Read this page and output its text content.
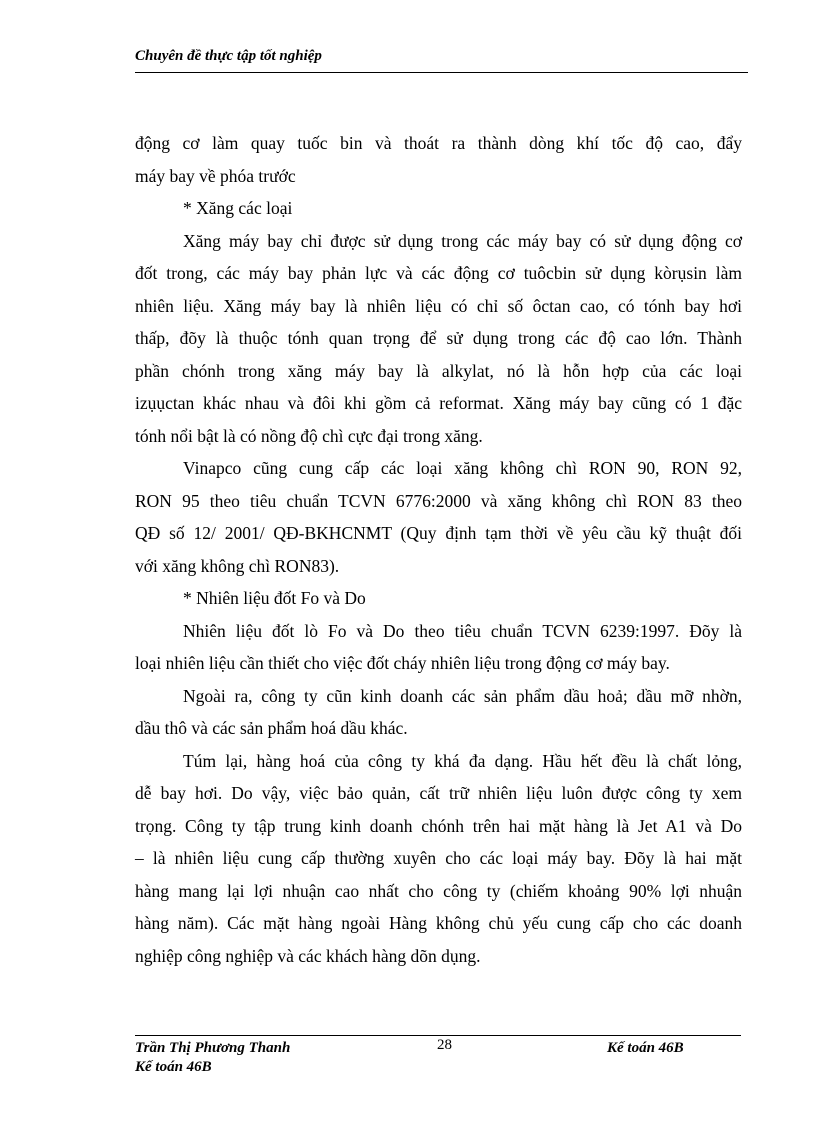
Chuyên đề thực tập tốt nghiệp
động cơ làm quay tuốc bin và thoát ra thành dòng khí tốc độ cao, đẩy
máy bay về phóa trước
* Xăng các loại
Xăng máy bay chỉ được sử dụng trong các máy bay có sử dụng động cơ
đốt trong, các máy bay phản lực và các động cơ tuôcbin sử dụng kòrụsin làm
nhiên liệu. Xăng máy bay là nhiên liệu có chỉ số ôctan cao, có tónh bay hơi
thấp, đõy là thuộc tónh quan trọng để sử dụng trong các độ cao lớn. Thành
phần chónh trong xăng máy bay là alkylat, nó là hỗn hợp của các loại
izụụctan khác nhau và đôi khi gồm cả reformat. Xăng máy bay cũng có 1 đặc
tónh nổi bật là có nồng độ chì cực đại trong xăng.
Vinapco cũng cung cấp các loại xăng không chì RON 90, RON 92,
RON 95 theo tiêu chuẩn TCVN 6776:2000 và xăng không chì RON 83 theo
QĐ số 12/ 2001/ QĐ-BKHCNMT (Quy định tạm thời về yêu cầu kỹ thuật đối
với xăng không chì RON83).
* Nhiên liệu đốt Fo và Do
Nhiên liệu đốt lò Fo và Do theo tiêu chuẩn TCVN 6239:1997. Đõy là
loại nhiên liệu cần thiết cho việc đốt cháy nhiên liệu trong động cơ máy bay.
Ngoài ra, công ty cũn kinh doanh các sản phẩm dầu hoả; dầu mỡ nhờn,
dầu thô và các sản phẩm hoá dầu khác.
Túm lại, hàng hoá của công ty khá đa dạng. Hầu hết đều là chất lỏng,
dễ bay hơi. Do vậy, việc bảo quản, cất trữ nhiên liệu luôn được công ty xem
trọng. Công ty tập trung kinh doanh chónh trên hai mặt hàng là Jet A1 và Do
– là nhiên liệu cung cấp thường xuyên cho các loại máy bay. Đõy là hai mặt
hàng mang lại lợi nhuận cao nhất cho công ty (chiếm khoảng 90% lợi nhuận
hàng năm). Các mặt hàng ngoài Hàng không chủ yếu cung cấp cho các doanh
nghiệp công nghiệp và các khách hàng dõn dụng.
Trần Thị Phương Thanh	28	Kế toán 46B
Kế toán 46B
